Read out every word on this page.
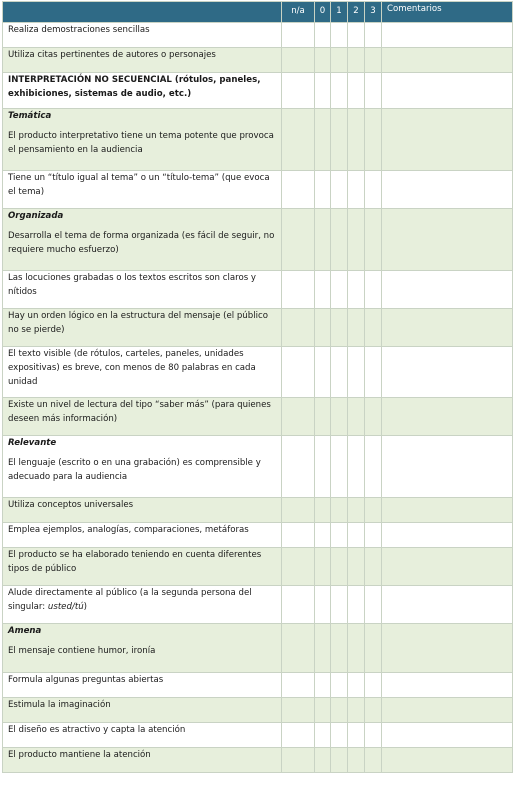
	n/a	0	1	2	3	Comentarios
Realiza demostraciones sencillas						
Utiliza citas pertinentes de autores o personajes						
INTERPRETACIÓN NO SECUENCIAL (rótulos, paneles, exhibiciones, sistemas de audio, etc.)						

Temática
El producto interpretativo tiene un tema potente que provoca el pensamiento en la audiencia						

Tiene un “título igual al tema” o un “título-tema” (que evoca el tema)						

Organizada
Desarrolla el tema de forma organizada (es fácil de seguir, no requiere mucho esfuerzo)						

Las locuciones grabadas o los textos escritos son claros y nítidos						
Hay un orden lógico en la estructura del mensaje (el público no se pierde)						
El texto visible (de rótulos, carteles, paneles, unidades expositivas) es breve, con menos de 80 palabras en cada unidad						
Existe un nivel de lectura del tipo “saber más” (para quienes deseen más información)						

Relevante
El lenguaje (escrito o en una grabación) es comprensible y adecuado para la audiencia						

Utiliza conceptos universales						
Emplea ejemplos, analogías, comparaciones, metáforas						
El producto se ha elaborado teniendo en cuenta diferentes tipos de público						
Alude directamente al público (a la segunda persona del singular: usted/tú)						

Amena
El mensaje contiene humor, ironía						

Formula algunas preguntas abiertas						
Estimula la imaginación						
El diseño es atractivo y capta la atención						
El producto mantiene la atención						
